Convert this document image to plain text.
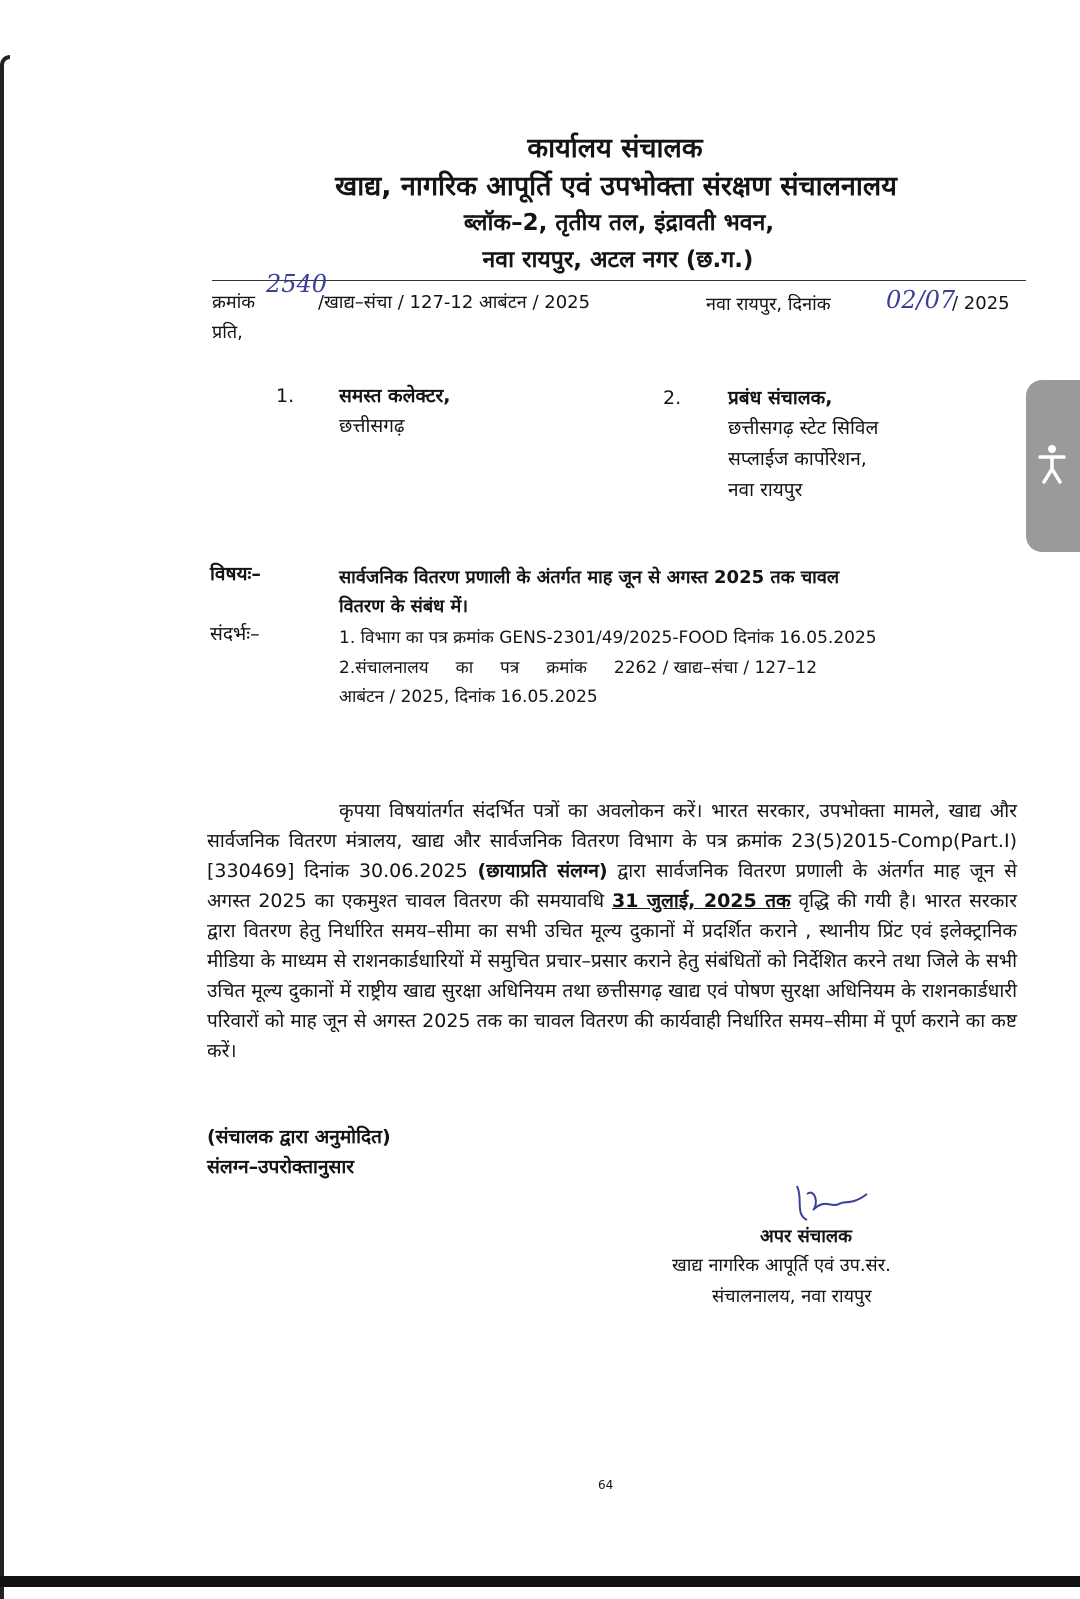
कार्यालय संचालक
खाद्य, नागरिक आपूर्ति एवं उपभोक्ता संरक्षण संचालनालय
ब्लॉक–2, तृतीय तल, इंद्रावती भवन,
नवा रायपुर, अटल नगर (छ.ग.)
क्रमांक
2540
/खाद्य–संचा / 127-12 आबंटन / 2025	नवा रायपुर, दिनांक 02/07
/ 2025
प्रति,
1. समस्त कलेक्टर,
छत्तीसगढ़
2. प्रबंध संचालक,
छत्तीसगढ़ स्टेट सिविल
सप्लाईज कार्पोरेशन,
नवा रायपुर
विषयः–	सार्वजनिक वितरण प्रणाली के अंतर्गत माह जून से अगस्त 2025 तक चावल
वितरण के संबंध में।
संदर्भः–	1. विभाग का पत्र क्रमांक GENS-2301/49/2025-FOOD दिनांक 16.05.2025
2.संचालनालय     का     पत्र     क्रमांक     2262 / खाद्य–संचा / 127–12
आबंटन / 2025, दिनांक 16.05.2025

कृपया विषयांतर्गत संदर्भित पत्रों का अवलोकन करें। भारत सरकार, उपभोक्ता मामले, खाद्य और सार्वजनिक वितरण मंत्रालय, खाद्य और सार्वजनिक वितरण विभाग के पत्र क्रमांक 23(5)2015-Comp(Part.I)[330469] दिनांक 30.06.2025 (छायाप्रति संलग्न) द्वारा सार्वजनिक वितरण प्रणाली के अंतर्गत माह जून से अगस्त 2025 का एकमुश्त चावल वितरण की समयावधि 31 जुलाई, 2025 तक वृद्धि की गयी है। भारत सरकार द्वारा वितरण हेतु निर्धारित समय–सीमा का सभी उचित मूल्य दुकानों में प्रदर्शित कराने , स्थानीय प्रिंट एवं इलेक्ट्रानिक मीडिया के माध्यम से राशनकार्डधारियों में समुचित प्रचार–प्रसार कराने हेतु संबंधितों को निर्देशित करने तथा जिले के सभी उचित मूल्य दुकानों में राष्ट्रीय खाद्य सुरक्षा अधिनियम तथा छत्तीसगढ़ खाद्य एवं पोषण सुरक्षा अधिनियम के राशनकार्डधारी परिवारों को माह जून से अगस्त 2025 तक का चावल वितरण की कार्यवाही निर्धारित समय–सीमा में पूर्ण कराने का कष्ट करें।

(संचालक द्वारा अनुमोदित)
संलग्न–उपरोक्तानुसार
अपर संचालक
खाद्य नागरिक आपूर्ति एवं उप.संर.
संचालनालय, नवा रायपुर
64
